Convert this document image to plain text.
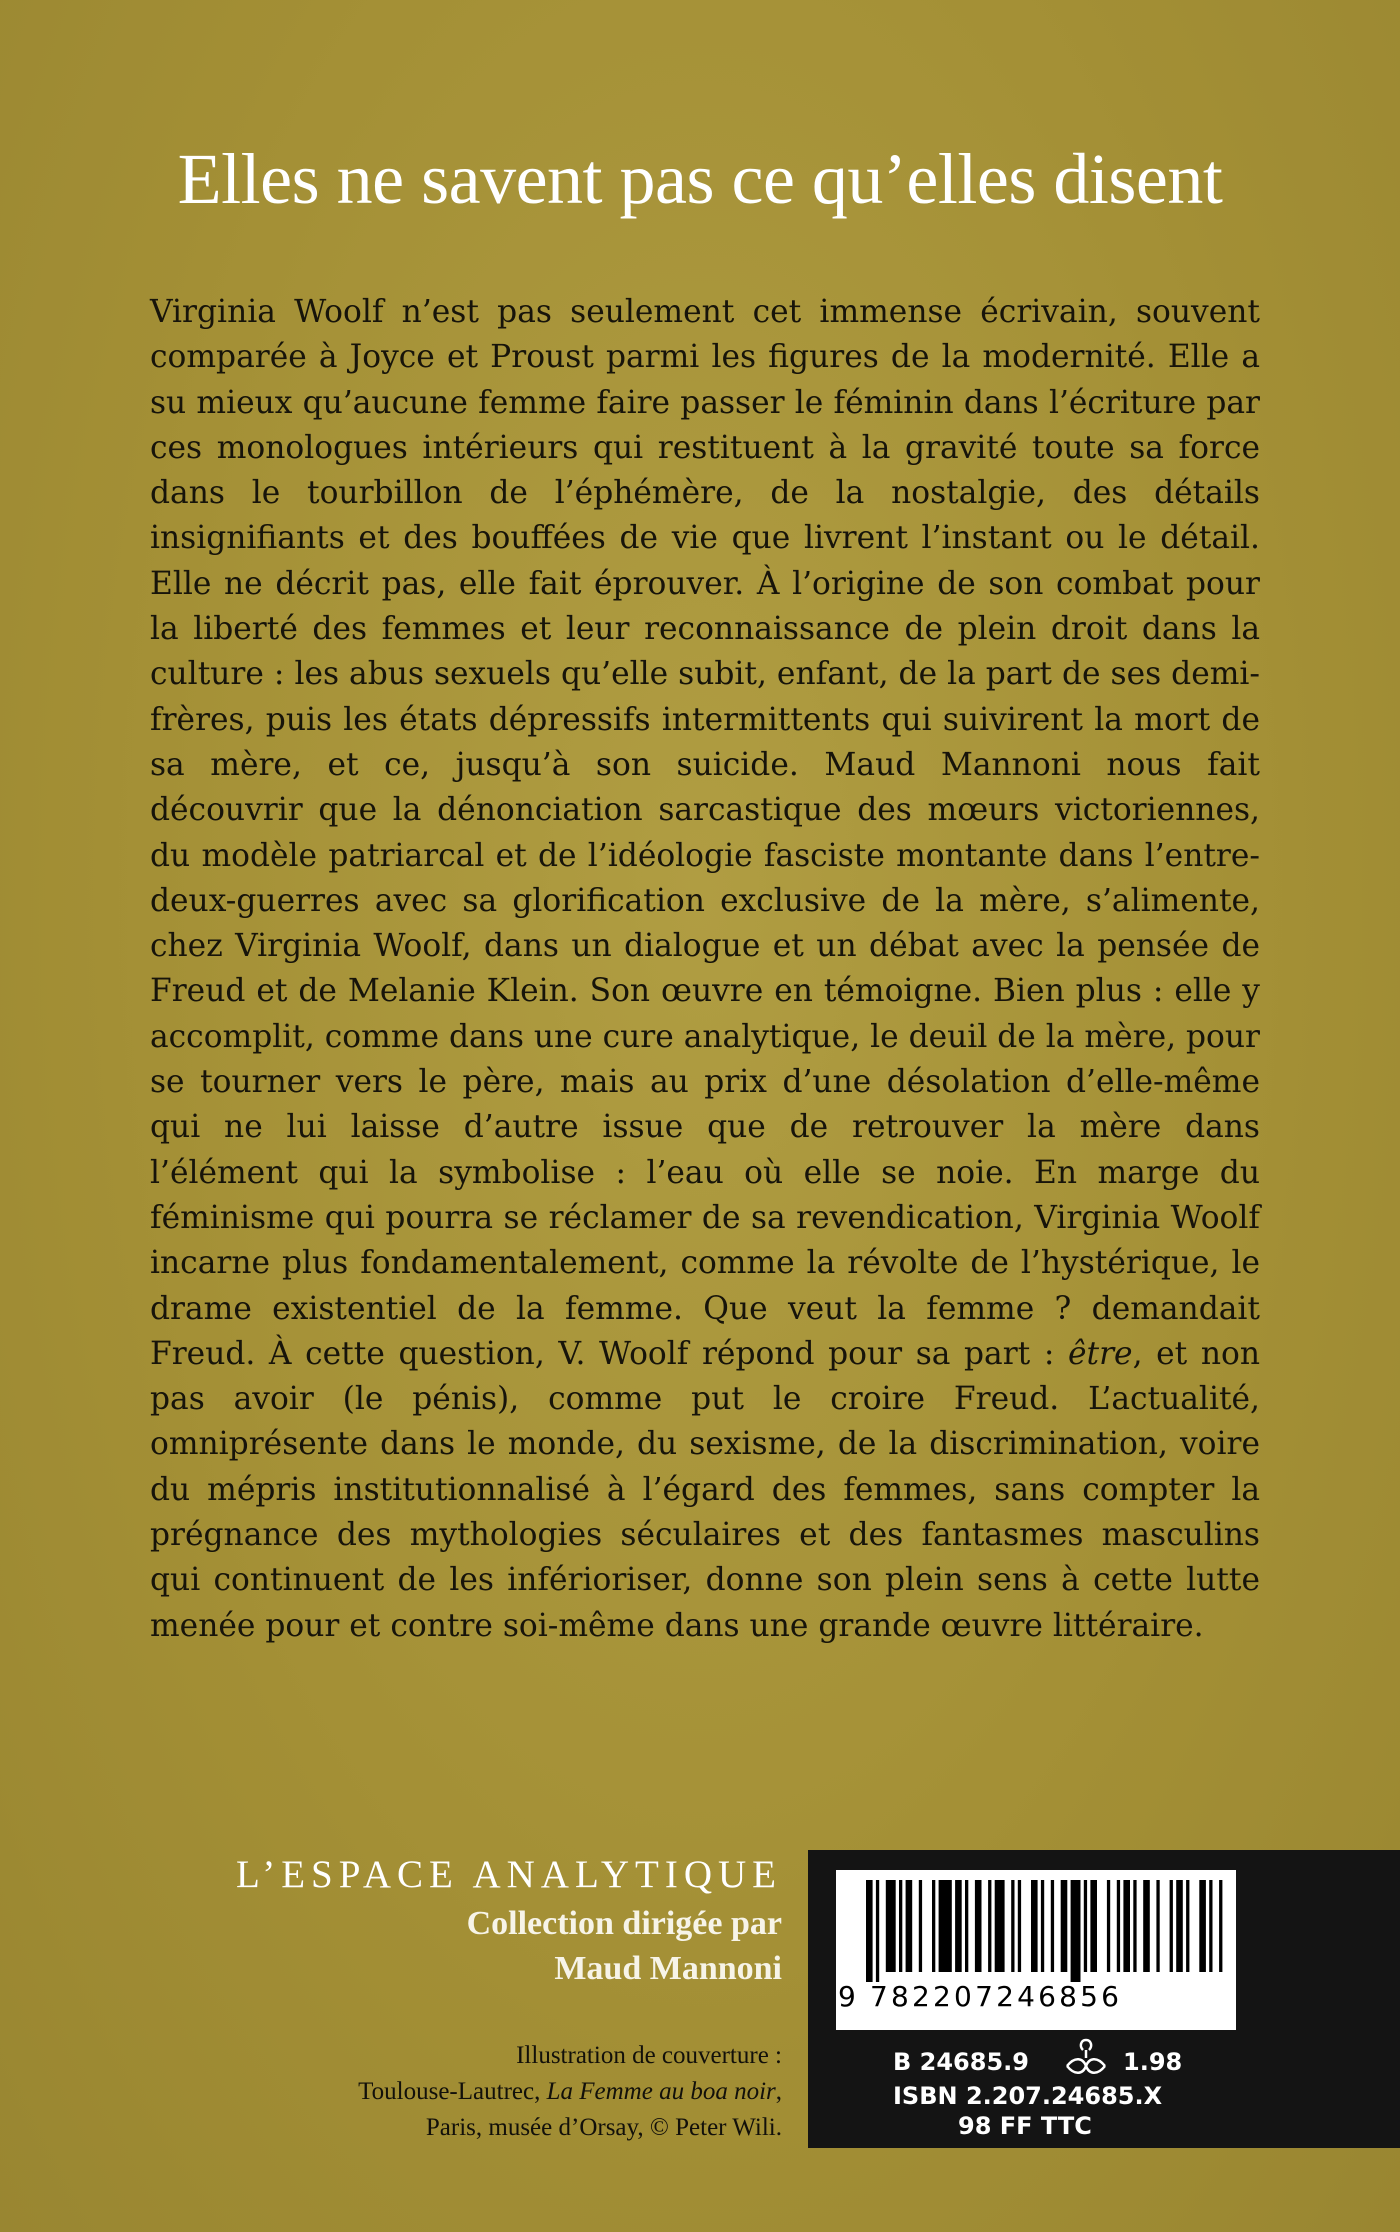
Elles ne savent pas ce qu’elles disent

Virginia Woolf n’est pas seulement cet immense écrivain, souvent comparée à Joyce et Proust parmi les figures de la modernité. Elle a su mieux qu’aucune femme faire passer le féminin dans l’écriture par ces monologues intérieurs qui restituent à la gravité toute sa force dans le tourbillon de l’éphémère, de la nostalgie, des détails insignifiants et des bouffées de vie que livrent l’instant ou le détail. Elle ne décrit pas, elle fait éprouver. À l’origine de son combat pour la liberté des femmes et leur reconnaissance de plein droit dans la culture : les abus sexuels qu’elle subit, enfant, de la part de ses demi-frères, puis les états dépressifs intermittents qui suivirent la mort de sa mère, et ce, jusqu’à son suicide. Maud Mannoni nous fait découvrir que la dénonciation sarcastique des mœurs victoriennes, du modèle patriarcal et de l’idéologie fasciste montante dans l’entre-deux-guerres avec sa glorification exclusive de la mère, s’alimente, chez Virginia Woolf, dans un dialogue et un débat avec la pensée de Freud et de Melanie Klein. Son œuvre en témoigne. Bien plus : elle y accomplit, comme dans une cure analytique, le deuil de la mère, pour se tourner vers le père, mais au prix d’une désolation d’elle-même qui ne lui laisse d’autre issue que de retrouver la mère dans l’élément qui la symbolise : l’eau où elle se noie. En marge du féminisme qui pourra se réclamer de sa revendication, Virginia Woolf incarne plus fondamentalement, comme la révolte de l’hystérique, le drame existentiel de la femme. Que veut la femme ? demandait Freud. À cette question, V. Woolf répond pour sa part : être, et non pas avoir (le pénis), comme put le croire Freud. L’actualité, omniprésente dans le monde, du sexisme, de la discrimination, voire du mépris institutionnalisé à l’égard des femmes, sans compter la prégnance des mythologies séculaires et des fantasmes masculins qui continuent de les inférioriser, donne son plein sens à cette lutte menée pour et contre soi-même dans une grande œuvre littéraire.

L’ESPACE ANALYTIQUE
Collection dirigée par
Maud Mannoni
Illustration de couverture :
Toulouse-Lautrec, La Femme au boa noir,
Paris, musée d’Orsay, © Peter Wili.
9 782207246856
B 24685.9	1.98
ISBN 2.207.24685.X
98 FF TTC
